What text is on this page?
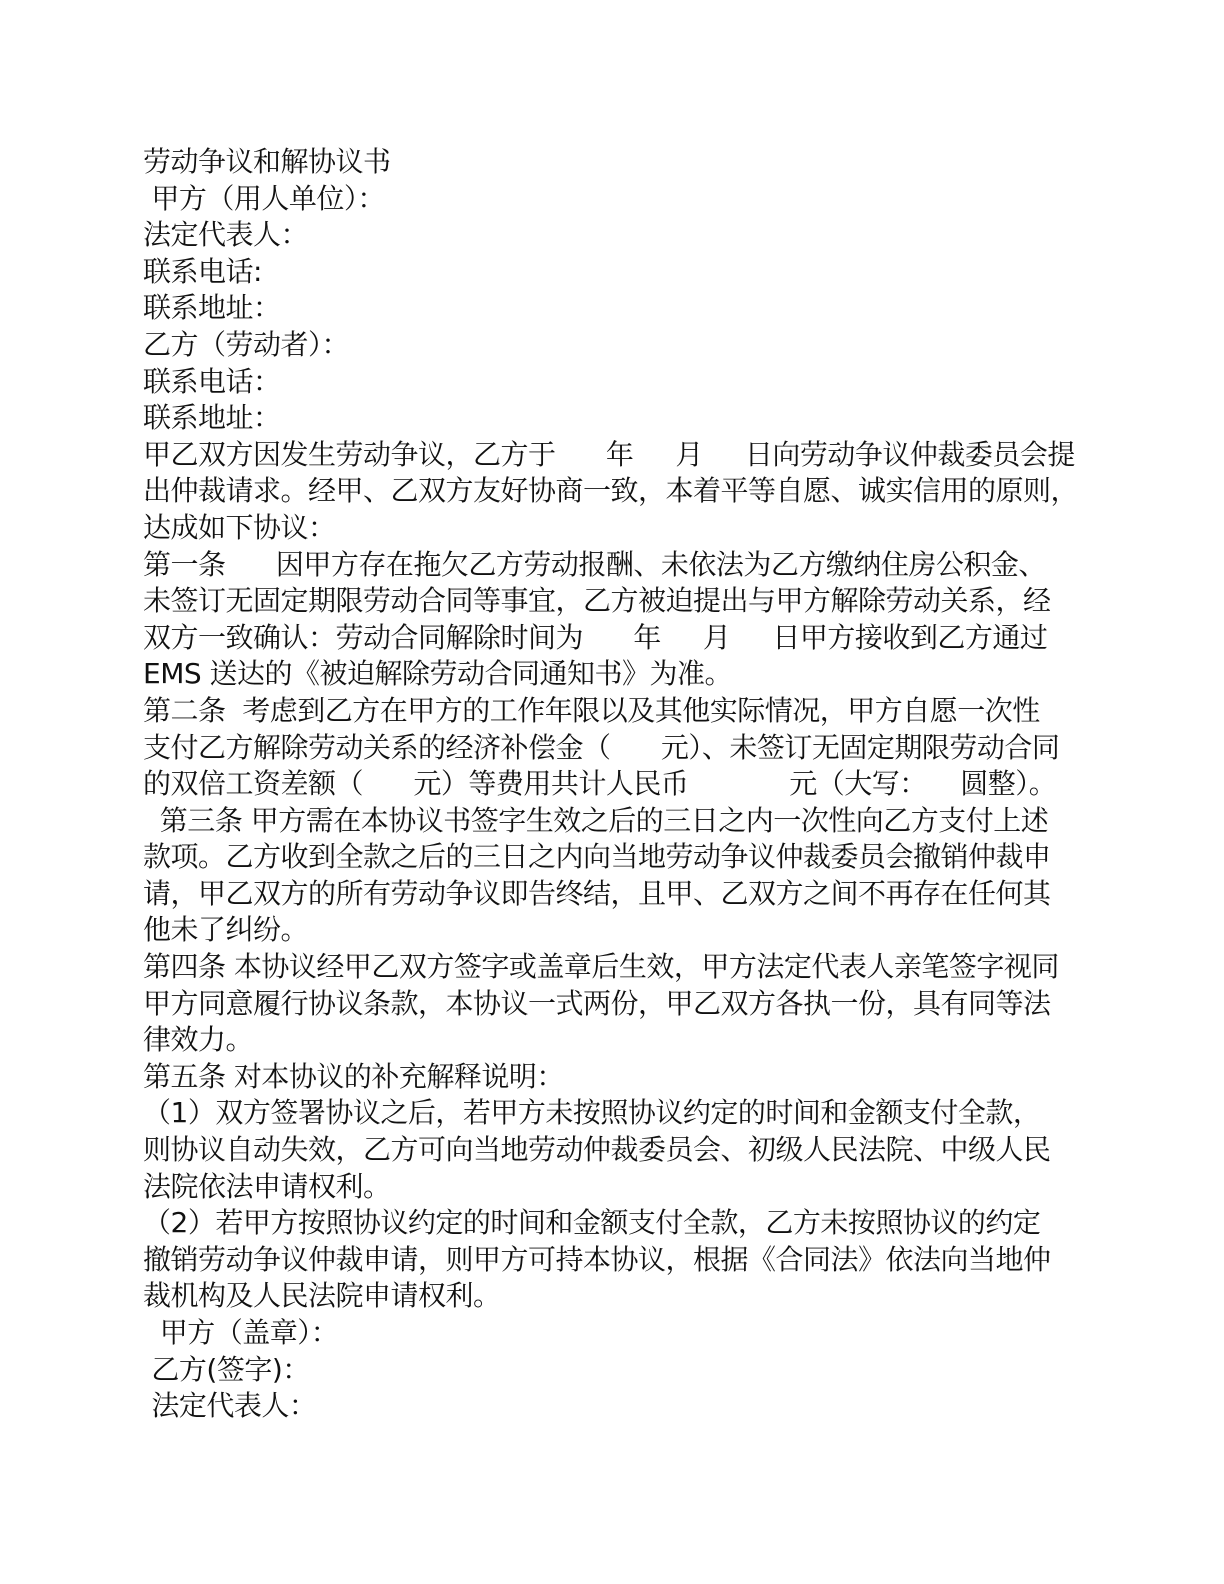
劳动争议和解协议书
甲方（用人单位）：
法定代表人：
联系电话:
联系地址：
乙方（劳动者）：
联系电话：
联系地址：
甲乙双方因发生劳动争议，乙方于      年     月     日向劳动争议仲裁委员会提
出仲裁请求。经甲、乙双方友好协商一致，本着平等自愿、诚实信用的原则，
达成如下协议：
第一条      因甲方存在拖欠乙方劳动报酬、未依法为乙方缴纳住房公积金、
未签订无固定期限劳动合同等事宜，乙方被迫提出与甲方解除劳动关系，经
双方一致确认：劳动合同解除时间为      年     月     日甲方接收到乙方通过
EMS 送达的《被迫解除劳动合同通知书》为准。
第二条  考虑到乙方在甲方的工作年限以及其他实际情况，甲方自愿一次性
支付乙方解除劳动关系的经济补偿金（      元）、未签订无固定期限劳动合同
的双倍工资差额（      元）等费用共计人民币            元（大写：    圆整）。
第三条 甲方需在本协议书签字生效之后的三日之内一次性向乙方支付上述
款项。乙方收到全款之后的三日之内向当地劳动争议仲裁委员会撤销仲裁申
请，甲乙双方的所有劳动争议即告终结，且甲、乙双方之间不再存在任何其
他未了纠纷。
第四条 本协议经甲乙双方签字或盖章后生效，甲方法定代表人亲笔签字视同
甲方同意履行协议条款，本协议一式两份，甲乙双方各执一份，具有同等法
律效力。
第五条 对本协议的补充解释说明：
（1）双方签署协议之后，若甲方未按照协议约定的时间和金额支付全款，
则协议自动失效，乙方可向当地劳动仲裁委员会、初级人民法院、中级人民
法院依法申请权利。
（2）若甲方按照协议约定的时间和金额支付全款，乙方未按照协议的约定
撤销劳动争议仲裁申请，则甲方可持本协议，根据《合同法》依法向当地仲
裁机构及人民法院申请权利。
甲方（盖章）：
乙方(签字)：
法定代表人：
